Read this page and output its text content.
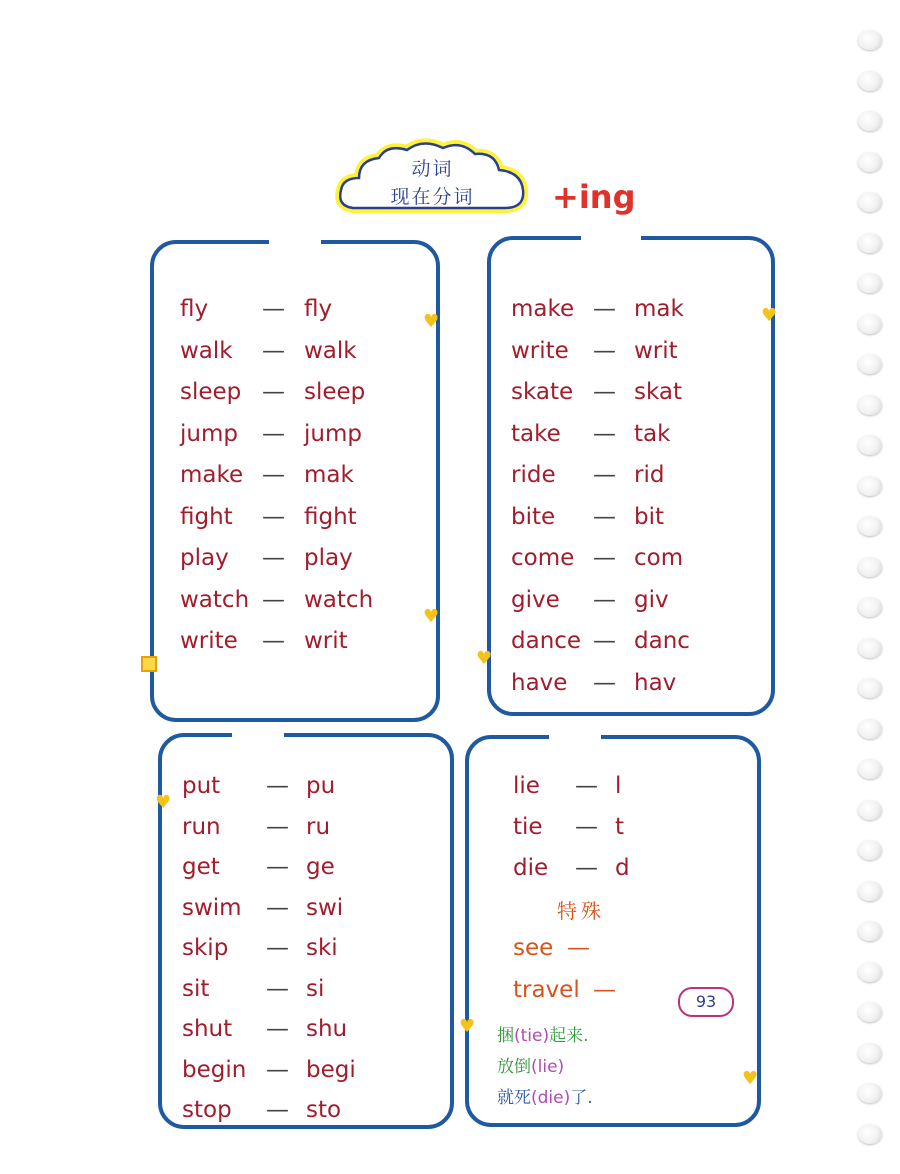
动词
现在分词	+ing
fly — fly
walk — walk
sleep — sleep
jump — jump
make — mak
fight — fight
play — play
watch — watch
write — writ
♥
♥
make — mak
write — writ
skate — skat
take — tak
ride — rid
bite — bit
come — com
give — giv
dance — danc
have — hav
♥
♥
put — pu
run — ru
get — ge
swim — swi
skip — ski
sit — si
shut — shu
begin — begi
stop — sto
♥
lie — l
tie — t
die — d
特殊
see —
travel —
捆(tie)起来.
放倒(lie)
就死(die)了.
♥
♥
93
